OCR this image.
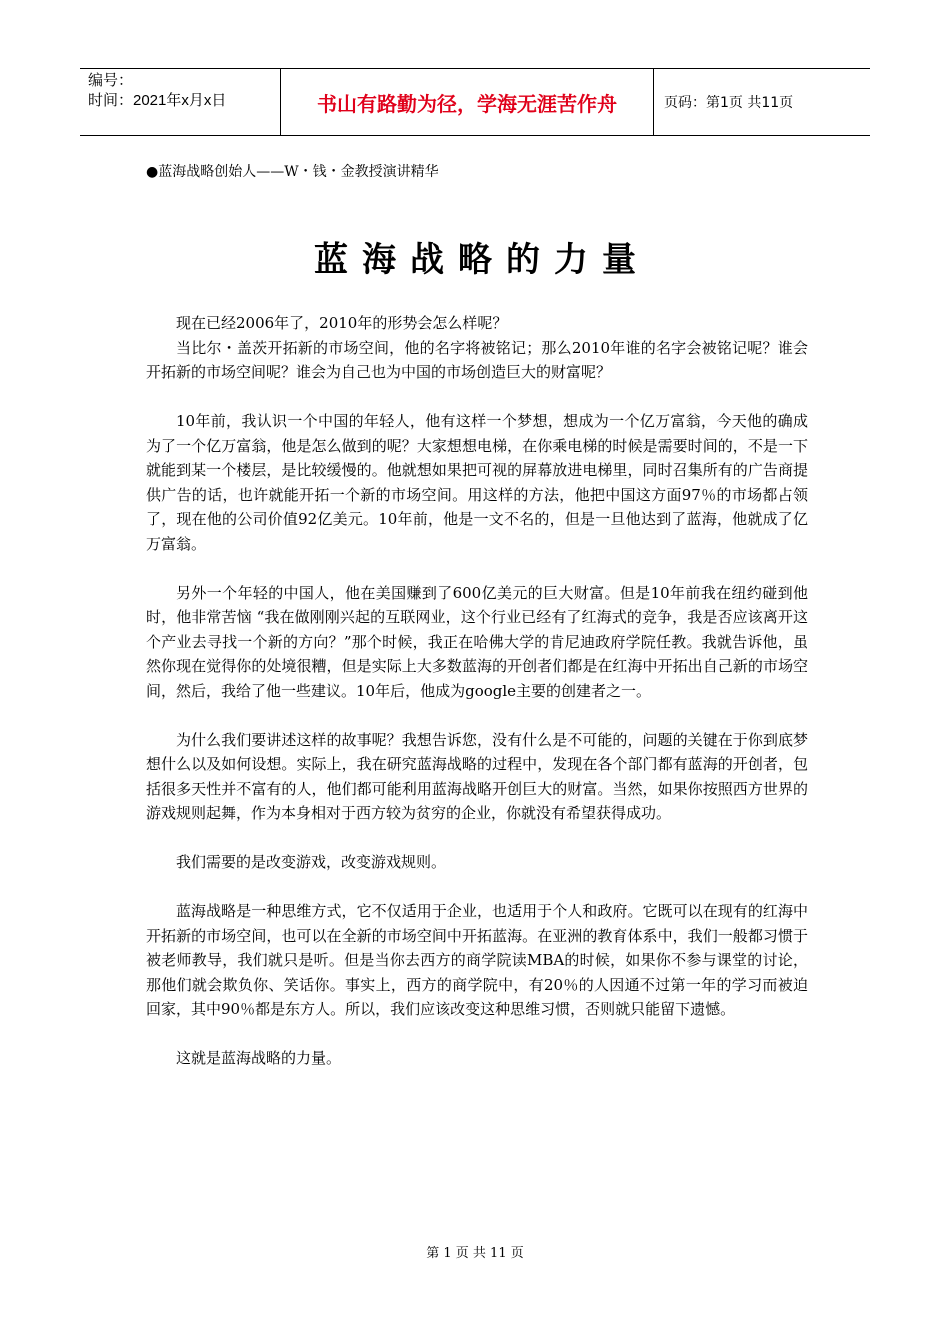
编号：
时间：2021年x月x日	书山有路勤为径，学海无涯苦作舟	页码：第1页 共11页
●蓝海战略创始人——W・钱・金教授演讲精华
蓝海战略的力量

现在已经2006年了，2010年的形势会怎么样呢？

当比尔・盖茨开拓新的市场空间，他的名字将被铭记；那么2010年谁的名字会被铭记呢？谁会开拓新的市场空间呢？谁会为自己也为中国的市场创造巨大的财富呢？

10年前，我认识一个中国的年轻人，他有这样一个梦想，想成为一个亿万富翁，今天他的确成为了一个亿万富翁，他是怎么做到的呢？大家想想电梯，在你乘电梯的时候是需要时间的，不是一下就能到某一个楼层，是比较缓慢的。他就想如果把可视的屏幕放进电梯里，同时召集所有的广告商提供广告的话，也许就能开拓一个新的市场空间。用这样的方法，他把中国这方面97％的市场都占领了，现在他的公司价值92亿美元。10年前，他是一文不名的，但是一旦他达到了蓝海，他就成了亿万富翁。

另外一个年轻的中国人，他在美国赚到了600亿美元的巨大财富。但是10年前我在纽约碰到他时，他非常苦恼 “我在做刚刚兴起的互联网业，这个行业已经有了红海式的竞争，我是否应该离开这个产业去寻找一个新的方向？”那个时候，我正在哈佛大学的肯尼迪政府学院任教。我就告诉他，虽然你现在觉得你的处境很糟，但是实际上大多数蓝海的开创者们都是在红海中开拓出自己新的市场空间，然后，我给了他一些建议。10年后，他成为google主要的创建者之一。

为什么我们要讲述这样的故事呢？我想告诉您，没有什么是不可能的，问题的关键在于你到底梦想什么以及如何设想。实际上，我在研究蓝海战略的过程中，发现在各个部门都有蓝海的开创者，包括很多天性并不富有的人，他们都可能利用蓝海战略开创巨大的财富。当然，如果你按照西方世界的游戏规则起舞，作为本身相对于西方较为贫穷的企业，你就没有希望获得成功。

我们需要的是改变游戏，改变游戏规则。

蓝海战略是一种思维方式，它不仅适用于企业，也适用于个人和政府。它既可以在现有的红海中开拓新的市场空间，也可以在全新的市场空间中开拓蓝海。在亚洲的教育体系中，我们一般都习惯于被老师教导，我们就只是听。但是当你去西方的商学院读MBA的时候，如果你不参与课堂的讨论，那他们就会欺负你、笑话你。事实上，西方的商学院中，有20％的人因通不过第一年的学习而被迫回家，其中90％都是东方人。所以，我们应该改变这种思维习惯，否则就只能留下遗憾。

这就是蓝海战略的力量。

第 1 页 共 11 页
